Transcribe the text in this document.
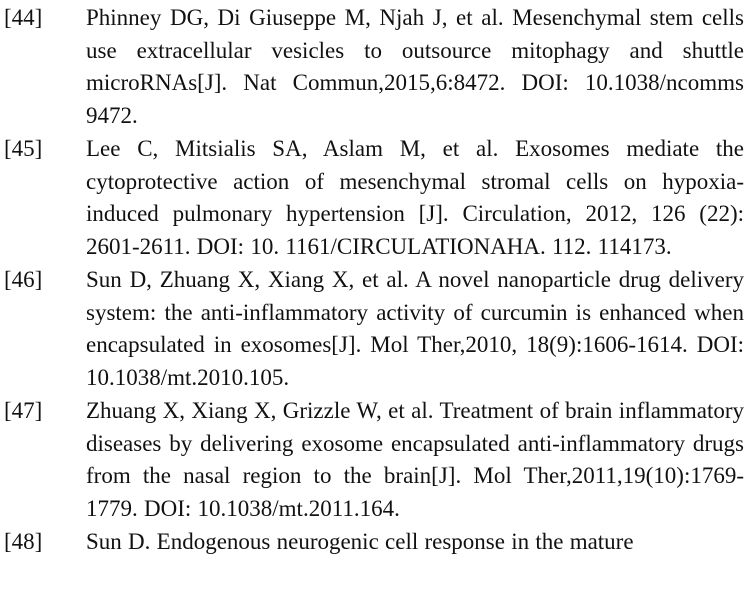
[44]	Phinney DG, Di Giuseppe M, Njah J, et al. Mesenchymal stem cells use extracellular vesicles to outsource mitophagy and shuttle microRNAs[J]. Nat Commun,2015,6:8472. DOI: 10.1038/ncomms 9472.
[45]	Lee C, Mitsialis SA, Aslam M, et al. Exosomes mediate the cytoprotective action of mesenchymal stromal cells on hypoxia-induced pulmonary hypertension [J]. Circulation, 2012, 126 (22): 2601-2611. DOI: 10. 1161/CIRCULATIONAHA. 112. 114173.
[46]	Sun D, Zhuang X, Xiang X, et al. A novel nanoparticle drug delivery system: the anti-inflammatory activity of curcumin is enhanced when encapsulated in exosomes[J]. Mol Ther,2010, 18(9):1606-1614. DOI: 10.1038/mt.2010.105.
[47]	Zhuang X, Xiang X, Grizzle W, et al. Treatment of brain inflammatory diseases by delivering exosome encapsulated anti-inflammatory drugs from the nasal region to the brain[J]. Mol Ther,2011,19(10):1769-1779. DOI: 10.1038/mt.2011.164.
[48]	Sun D. Endogenous neurogenic cell response in the mature
